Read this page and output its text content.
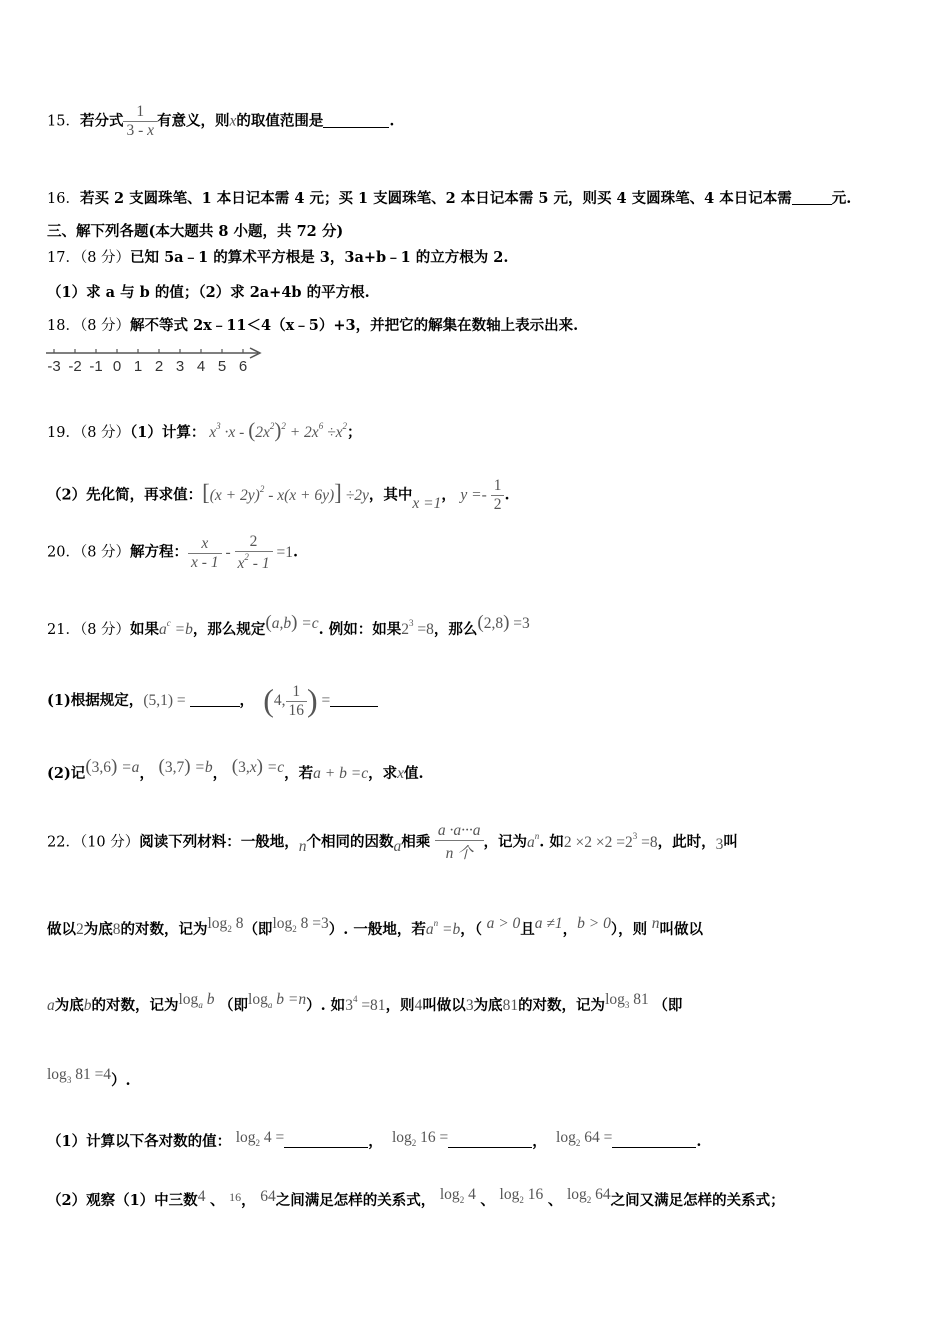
15．若分式 $\frac{1}{3 - x}$ 有意义，则x的取值范围是	.
16．若买 2 支圆珠笔、1 本日记本需 4 元；买 1 支圆珠笔、2 本日记本需 5 元，则买 4 支圆珠笔、4 本日记本需	元.
三、解下列各题(本大题共 8 小题，共 72 分)
17．（8 分）已知 5a﹣1 的算术平方根是 3，3a+b﹣1 的立方根为 2.
（1）求 a 与 b 的值；（2）求 2a+4b 的平方根.
18．（8 分）解不等式 2x﹣11＜4（x﹣5）+3，并把它的解集在数轴上表示出来.
-3 -2 -1 0 1 2 3 4 5 6
19．（8 分）（1）计算： $x^3 \cdot x - (2x^2)^2 + 2x^6 \div x^2$；
（2）先化简，再求值：$[(x + 2y)^2 - x(x + 6y)] \div 2y$，其中x =1， $y =- \frac{1}{2}$ .
20．（8 分）解方程： $\frac{x}{x - 1} - \frac{2}{x^2 - 1} =1$.
21．（8 分）如果$a^c =b$，那么规定(a,b) =c. 例如：如果$2^3 =8$，那么(2,8) =3
(1)根据规定，(5,1) =	， (4, $\frac{1}{16}$ ) =
(2)记(3,6) =a， (3,7) =b， (3,x) =c，若a + b =c，求x值.
22．（10 分）阅读下列材料：一般地，n个相同的因数a相乘 $\frac{a \cdot a\cdot\cdot\cdot a}{\text{n 个}}$ ，记为$a^n$. 如$2 \times 2 \times 2 =2^3 =8$，此时，3叫
做以2为底8的对数，记为$\log_2 8$（即$\log_2 8 =3$）. 一般地，若$a^n =b$，（ a > 0且a ≠1，b > 0），则 n叫做以
a为底b的对数，记为$\log_a b$ （即$\log_a b =n$）. 如$3^4 =81$，则4叫做以3为底81的对数，记为$\log_3 81$ （即
$\log_3 81 =4$）.
（1）计算以下各对数的值： $\log_2 4$ =	， $\log_2 16$ =	， $\log_2 64$ =	.
（2）观察（1）中三数4 、 $^{16}$， 64之间满足怎样的关系式， $\log_2 4$ 、 $\log_2 16$ 、 $\log_2 64$之间又满足怎样的关系式；
